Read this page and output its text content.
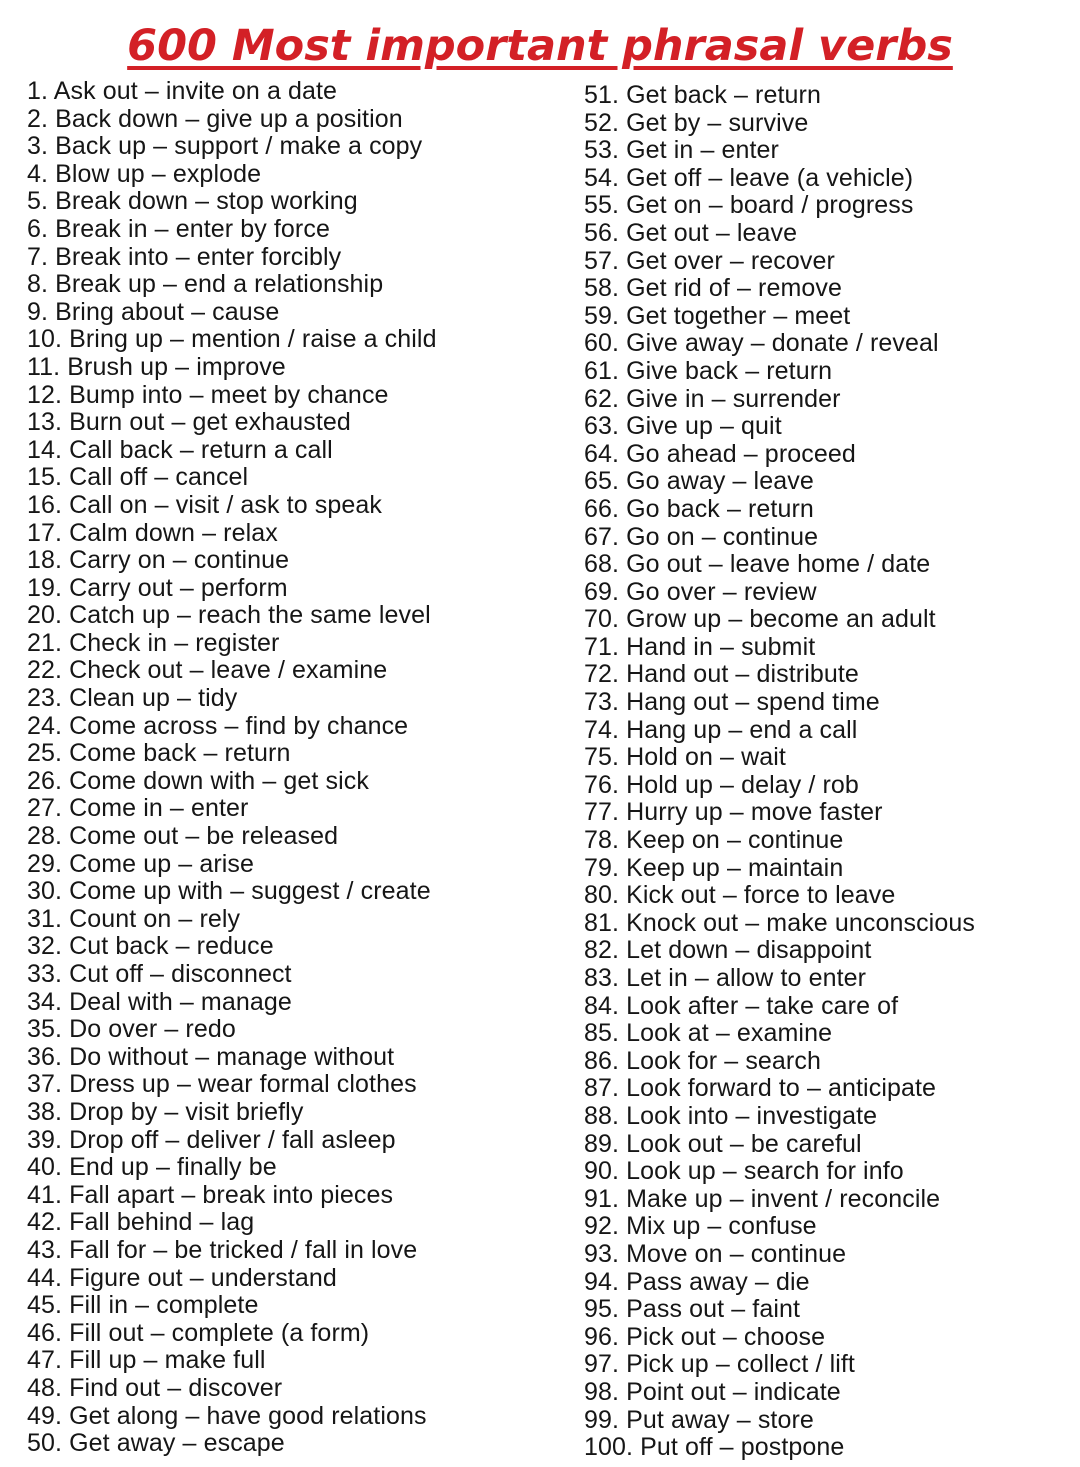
600 Most important phrasal verbs
1. Ask out – invite on a date
2. Back down – give up a position
3. Back up – support / make a copy
4. Blow up – explode
5. Break down – stop working
6. Break in – enter by force
7. Break into – enter forcibly
8. Break up – end a relationship
9. Bring about – cause
10. Bring up – mention / raise a child
11. Brush up – improve
12. Bump into – meet by chance
13. Burn out – get exhausted
14. Call back – return a call
15. Call off – cancel
16. Call on – visit / ask to speak
17. Calm down – relax
18. Carry on – continue
19. Carry out – perform
20. Catch up – reach the same level
21. Check in – register
22. Check out – leave / examine
23. Clean up – tidy
24. Come across – find by chance
25. Come back – return
26. Come down with – get sick
27. Come in – enter
28. Come out – be released
29. Come up – arise
30. Come up with – suggest / create
31. Count on – rely
32. Cut back – reduce
33. Cut off – disconnect
34. Deal with – manage
35. Do over – redo
36. Do without – manage without
37. Dress up – wear formal clothes
38. Drop by – visit briefly
39. Drop off – deliver / fall asleep
40. End up – finally be
41. Fall apart – break into pieces
42. Fall behind – lag
43. Fall for – be tricked / fall in love
44. Figure out – understand
45. Fill in – complete
46. Fill out – complete (a form)
47. Fill up – make full
48. Find out – discover
49. Get along – have good relations
50. Get away – escape
51. Get back – return
52. Get by – survive
53. Get in – enter
54. Get off – leave (a vehicle)
55. Get on – board / progress
56. Get out – leave
57. Get over – recover
58. Get rid of – remove
59. Get together – meet
60. Give away – donate / reveal
61. Give back – return
62. Give in – surrender
63. Give up – quit
64. Go ahead – proceed
65. Go away – leave
66. Go back – return
67. Go on – continue
68. Go out – leave home / date
69. Go over – review
70. Grow up – become an adult
71. Hand in – submit
72. Hand out – distribute
73. Hang out – spend time
74. Hang up – end a call
75. Hold on – wait
76. Hold up – delay / rob
77. Hurry up – move faster
78. Keep on – continue
79. Keep up – maintain
80. Kick out – force to leave
81. Knock out – make unconscious
82. Let down – disappoint
83. Let in – allow to enter
84. Look after – take care of
85. Look at – examine
86. Look for – search
87. Look forward to – anticipate
88. Look into – investigate
89. Look out – be careful
90. Look up – search for info
91. Make up – invent / reconcile
92. Mix up – confuse
93. Move on – continue
94. Pass away – die
95. Pass out – faint
96. Pick out – choose
97. Pick up – collect / lift
98. Point out – indicate
99. Put away – store
100. Put off – postpone
